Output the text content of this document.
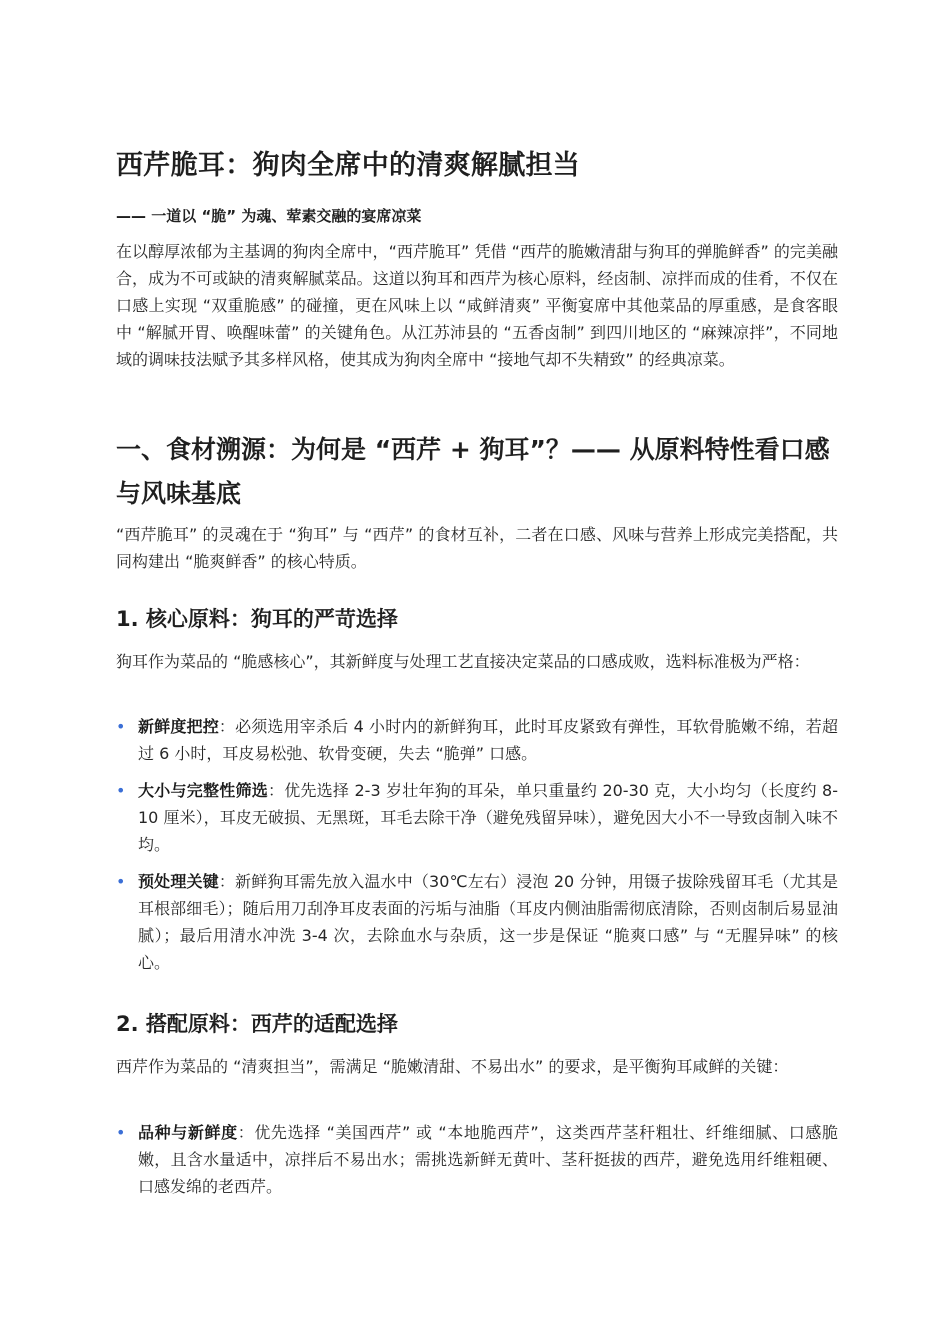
西芹脆耳：狗肉全席中的清爽解腻担当

—— 一道以 “脆” 为魂、荤素交融的宴席凉菜

在以醇厚浓郁为主基调的狗肉全席中，“西芹脆耳” 凭借 “西芹的脆嫩清甜与狗耳的弹脆鲜香” 的完美融合，成为不可或缺的清爽解腻菜品。这道以狗耳和西芹为核心原料，经卤制、凉拌而成的佳肴，不仅在口感上实现 “双重脆感” 的碰撞，更在风味上以 “咸鲜清爽” 平衡宴席中其他菜品的厚重感，是食客眼中 “解腻开胃、唤醒味蕾” 的关键角色。从江苏沛县的 “五香卤制” 到四川地区的 “麻辣凉拌”，不同地域的调味技法赋予其多样风格，使其成为狗肉全席中 “接地气却不失精致” 的经典凉菜。

一、食材溯源：为何是 “西芹 + 狗耳”？—— 从原料特性看口感与风味基底

“西芹脆耳” 的灵魂在于 “狗耳” 与 “西芹” 的食材互补，二者在口感、风味与营养上形成完美搭配，共同构建出 “脆爽鲜香” 的核心特质。

1. 核心原料：狗耳的严苛选择

狗耳作为菜品的 “脆感核心”，其新鲜度与处理工艺直接决定菜品的口感成败，选料标准极为严格：

• 新鲜度把控：必须选用宰杀后 4 小时内的新鲜狗耳，此时耳皮紧致有弹性，耳软骨脆嫩不绵，若超过 6 小时，耳皮易松弛、软骨变硬，失去 “脆弹” 口感。
• 大小与完整性筛选：优先选择 2-3 岁壮年狗的耳朵，单只重量约 20-30 克，大小均匀（长度约 8-10 厘米），耳皮无破损、无黑斑，耳毛去除干净（避免残留异味），避免因大小不一导致卤制入味不均。
• 预处理关键：新鲜狗耳需先放入温水中（30℃左右）浸泡 20 分钟，用镊子拔除残留耳毛（尤其是耳根部细毛）；随后用刀刮净耳皮表面的污垢与油脂（耳皮内侧油脂需彻底清除，否则卤制后易显油腻）；最后用清水冲洗 3-4 次，去除血水与杂质，这一步是保证 “脆爽口感” 与 “无腥异味” 的核心。
2. 搭配原料：西芹的适配选择

西芹作为菜品的 “清爽担当”，需满足 “脆嫩清甜、不易出水” 的要求，是平衡狗耳咸鲜的关键：

• 品种与新鲜度：优先选择 “美国西芹” 或 “本地脆西芹”，这类西芹茎秆粗壮、纤维细腻、口感脆嫩，且含水量适中，凉拌后不易出水；需挑选新鲜无黄叶、茎秆挺拔的西芹，避免选用纤维粗硬、口感发绵的老西芹。
